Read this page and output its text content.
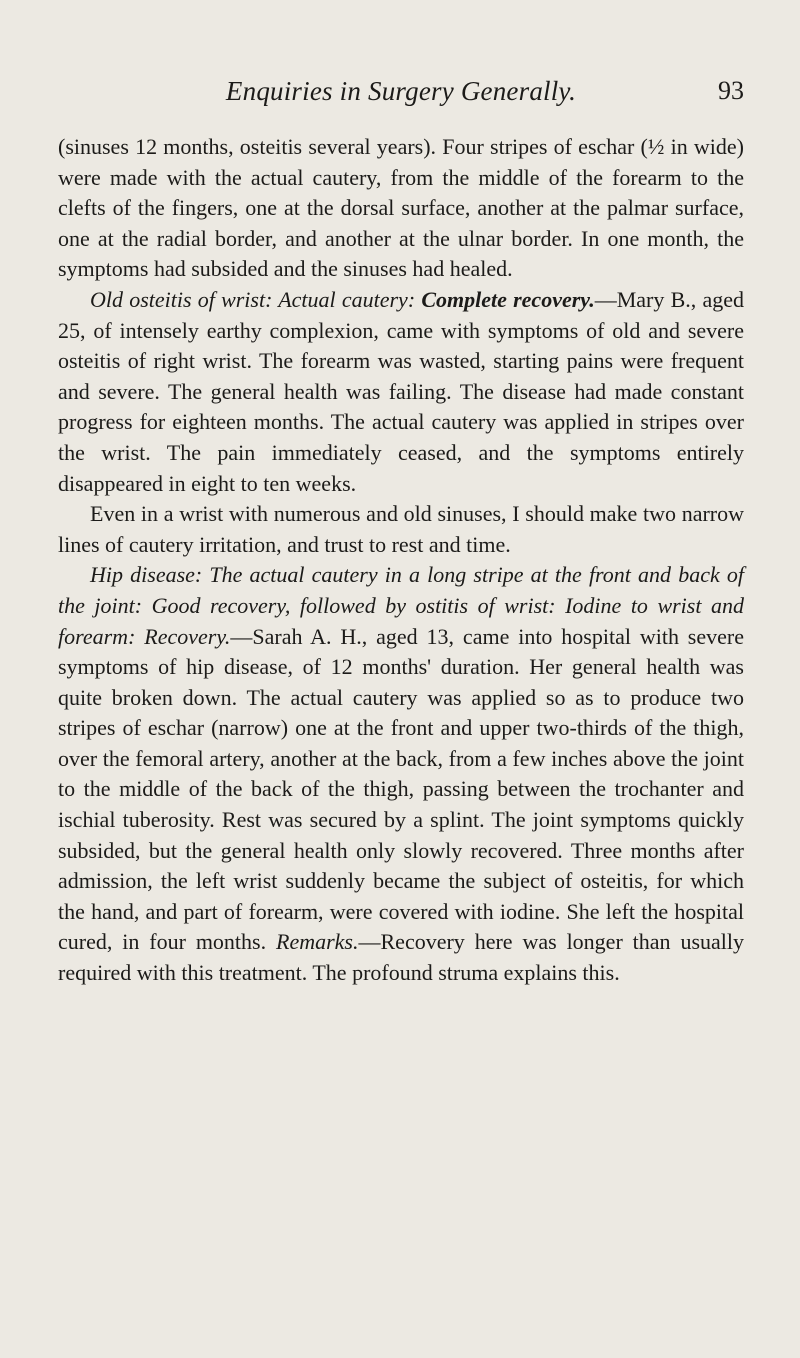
Enquiries in Surgery Generally.	93

(sinuses 12 months, osteitis several years). Four stripes of eschar (½ in wide) were made with the actual cautery, from the middle of the forearm to the clefts of the fingers, one at the dorsal surface, another at the palmar surface, one at the radial border, and another at the ulnar border. In one month, the symptoms had subsided and the sinuses had healed.

Old osteitis of wrist: Actual cautery: Complete recovery.—Mary B., aged 25, of intensely earthy complexion, came with symptoms of old and severe osteitis of right wrist. The forearm was wasted, starting pains were frequent and severe. The general health was failing. The disease had made constant progress for eighteen months. The actual cautery was applied in stripes over the wrist. The pain immediately ceased, and the symptoms entirely disappeared in eight to ten weeks.

Even in a wrist with numerous and old sinuses, I should make two narrow lines of cautery irritation, and trust to rest and time.

Hip disease: The actual cautery in a long stripe at the front and back of the joint: Good recovery, followed by ostitis of wrist: Iodine to wrist and forearm: Recovery.—Sarah A. H., aged 13, came into hospital with severe symptoms of hip disease, of 12 months' duration. Her general health was quite broken down. The actual cautery was applied so as to produce two stripes of eschar (narrow) one at the front and upper two-thirds of the thigh, over the femoral artery, another at the back, from a few inches above the joint to the middle of the back of the thigh, passing between the trochanter and ischial tuberosity. Rest was secured by a splint. The joint symptoms quickly subsided, but the general health only slowly recovered. Three months after admission, the left wrist suddenly became the subject of osteitis, for which the hand, and part of forearm, were covered with iodine. She left the hospital cured, in four months. Remarks.—Recovery here was longer than usually required with this treatment. The profound struma explains this.
